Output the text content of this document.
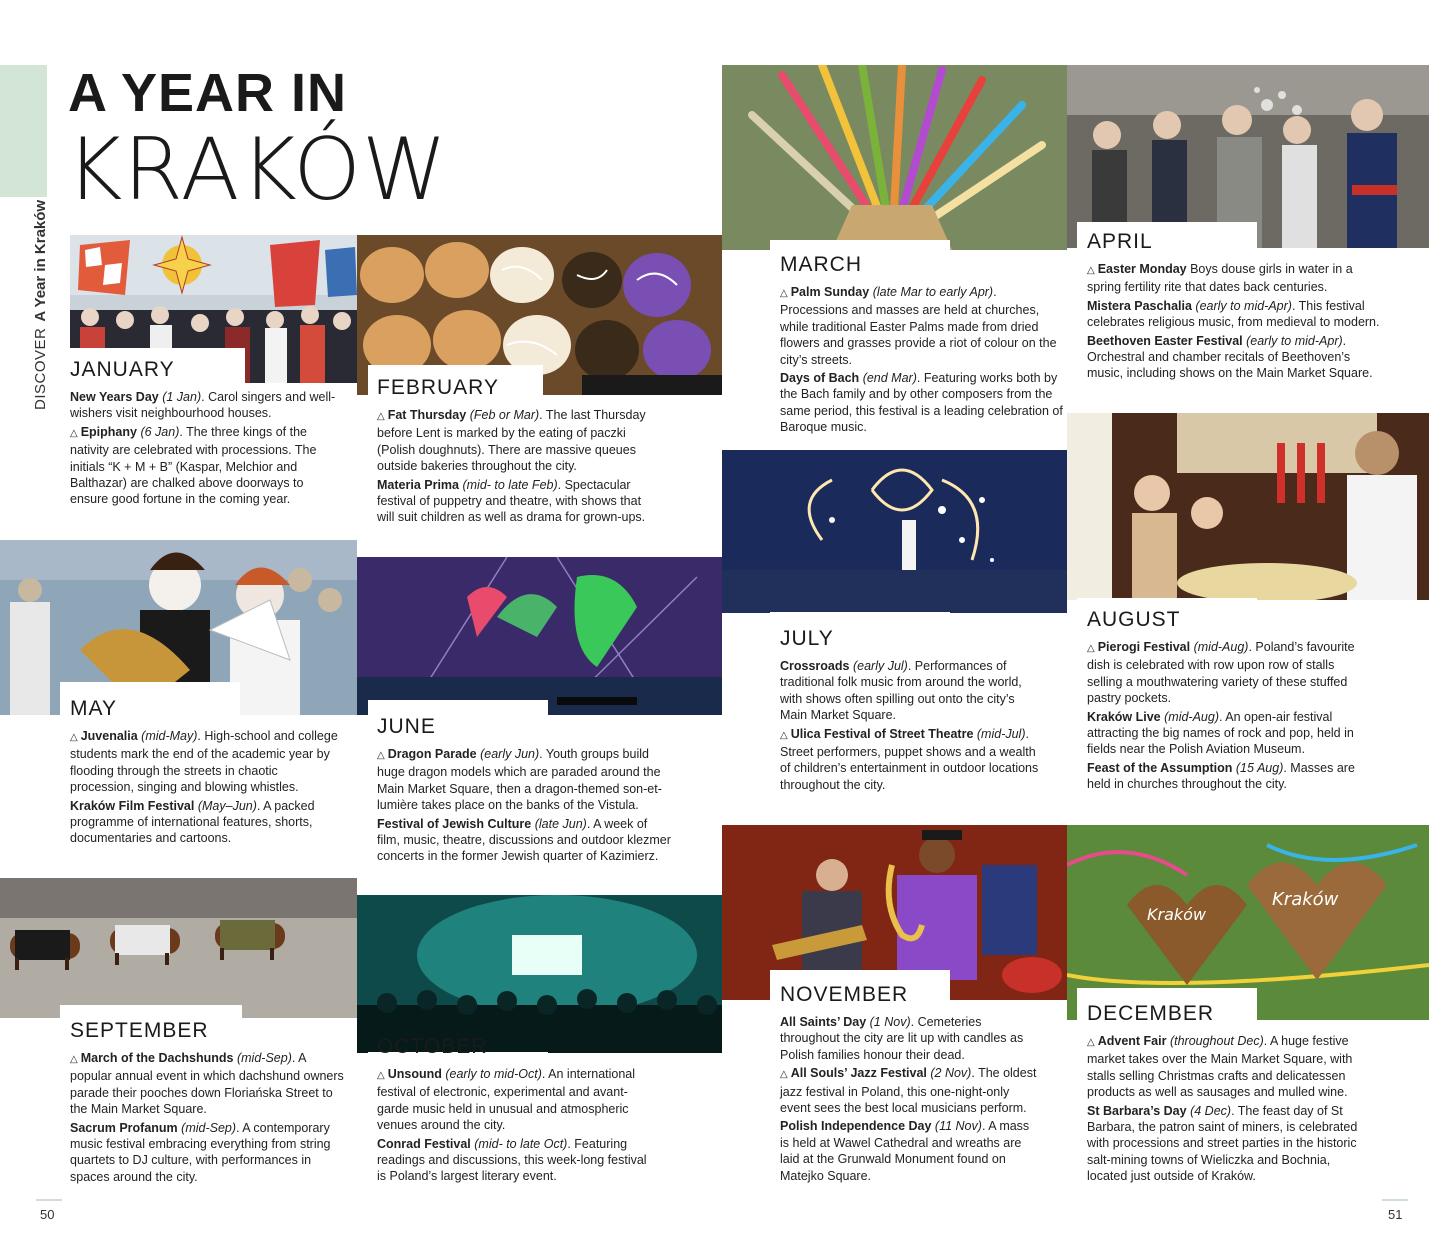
DISCOVERA Year in Kraków
A YEAR IN
KRAKÓW
Kraków
Kraków
JANUARY

New Years Day (1 Jan). Carol singers and well-wishers visit neighbourhood houses.

△ Epiphany (6 Jan). The three kings of the nativity are celebrated with processions. The initials “K + M + B” (Kaspar, Melchior and Balthazar) are chalked above doorways to ensure good fortune in the coming year.

FEBRUARY

△ Fat Thursday (Feb or Mar). The last Thursday before Lent is marked by the eating of paczki (Polish doughnuts). There are massive queues outside bakeries throughout the city.

Materia Prima (mid- to late Feb). Spectacular festival of puppetry and theatre, with shows that will suit children as well as drama for grown-ups.

MARCH

△ Palm Sunday (late Mar to early Apr). Processions and masses are held at churches, while traditional Easter Palms made from dried flowers and grasses provide a riot of colour on the city’s streets.

Days of Bach (end Mar). Featuring works both by the Bach family and by other composers from the same period, this festival is a leading celebration of Baroque music.

APRIL

△ Easter Monday Boys douse girls in water in a spring fertility rite that dates back centuries.

Mistera Paschalia (early to mid-Apr). This festival celebrates religious music, from medieval to modern.

Beethoven Easter Festival (early to mid-Apr). Orchestral and chamber recitals of Beethoven’s music, including shows on the Main Market Square.

MAY

△ Juvenalia (mid-May). High-school and college students mark the end of the academic year by flooding through the streets in chaotic procession, singing and blowing whistles.

Kraków Film Festival (May–Jun). A packed programme of international features, shorts, documentaries and cartoons.

JUNE

△ Dragon Parade (early Jun). Youth groups build huge dragon models which are paraded around the Main Market Square, then a dragon-themed son-et-lumière takes place on the banks of the Vistula.

Festival of Jewish Culture (late Jun). A week of film, music, theatre, discussions and outdoor klezmer concerts in the former Jewish quarter of Kazimierz.

JULY

Crossroads (early Jul). Performances of traditional folk music from around the world, with shows often spilling out onto the city’s Main Market Square.

△ Ulica Festival of Street Theatre (mid-Jul). Street performers, puppet shows and a wealth of children’s entertainment in outdoor locations throughout the city.

AUGUST

△ Pierogi Festival (mid-Aug). Poland’s favourite dish is celebrated with row upon row of stalls selling a mouthwatering variety of these stuffed pastry pockets.

Kraków Live (mid-Aug). An open-air festival attracting the big names of rock and pop, held in fields near the Polish Aviation Museum.

Feast of the Assumption (15 Aug). Masses are held in churches throughout the city.

SEPTEMBER

△ March of the Dachshunds (mid-Sep). A popular annual event in which dachshund owners parade their pooches down Floriańska Street to the Main Market Square.

Sacrum Profanum (mid-Sep). A contemporary music festival embracing everything from string quartets to DJ culture, with performances in spaces around the city.

OCTOBER

△ Unsound (early to mid-Oct). An international festival of electronic, experimental and avant-garde music held in unusual and atmospheric venues around the city.

Conrad Festival (mid- to late Oct). Featuring readings and discussions, this week-long festival is Poland’s largest literary event.

NOVEMBER

All Saints’ Day (1 Nov). Cemeteries throughout the city are lit up with candles as Polish families honour their dead.

△ All Souls’ Jazz Festival (2 Nov). The oldest jazz festival in Poland, this one-night-only event sees the best local musicians perform.

Polish Independence Day (11 Nov). A mass is held at Wawel Cathedral and wreaths are laid at the Grunwald Monument found on Matejko Square.

DECEMBER

△ Advent Fair (throughout Dec). A huge festive market takes over the Main Market Square, with stalls selling Christmas crafts and delicatessen products as well as sausages and mulled wine.

St Barbara’s Day (4 Dec). The feast day of St Barbara, the patron saint of miners, is celebrated with processions and street parties in the historic salt-mining towns of Wieliczka and Bochnia, located just outside of Kraków.

50	51
